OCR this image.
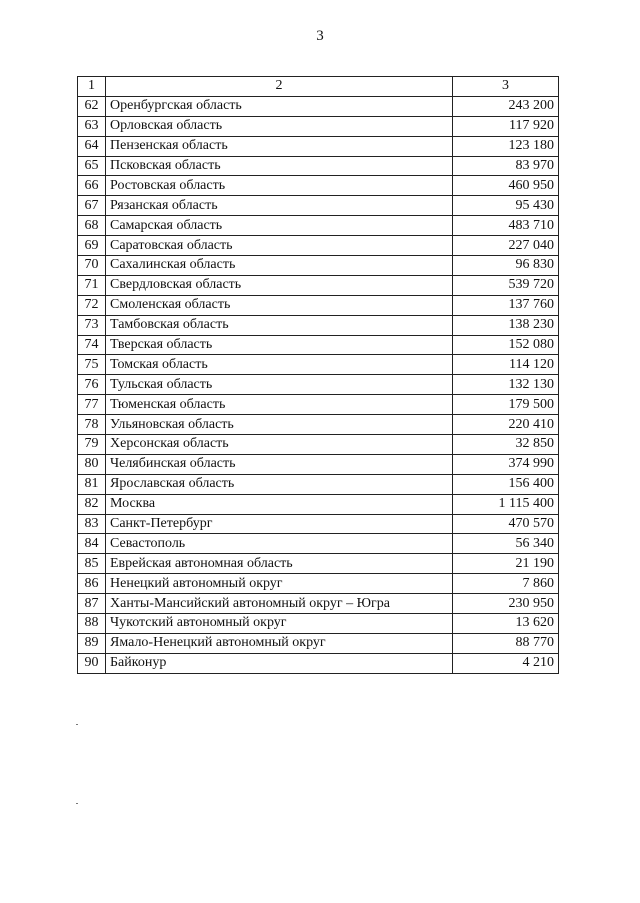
3
1	2	3
62	Оренбургская область	243 200
63	Орловская область	117 920
64	Пензенская область	123 180
65	Псковская область	83 970
66	Ростовская область	460 950
67	Рязанская область	95 430
68	Самарская область	483 710
69	Саратовская область	227 040
70	Сахалинская область	96 830
71	Свердловская область	539 720
72	Смоленская область	137 760
73	Тамбовская область	138 230
74	Тверская область	152 080
75	Томская область	114 120
76	Тульская область	132 130
77	Тюменская область	179 500
78	Ульяновская область	220 410
79	Херсонская область	32 850
80	Челябинская область	374 990
81	Ярославская область	156 400
82	Москва	1 115 400
83	Санкт-Петербург	470 570
84	Севастополь	56 340
85	Еврейская автономная область	21 190
86	Ненецкий автономный округ	7 860
87	Ханты-Мансийский автономный округ – Югра	230 950
88	Чукотский автономный округ	13 620
89	Ямало-Ненецкий автономный округ	88 770
90	Байконур	4 210
